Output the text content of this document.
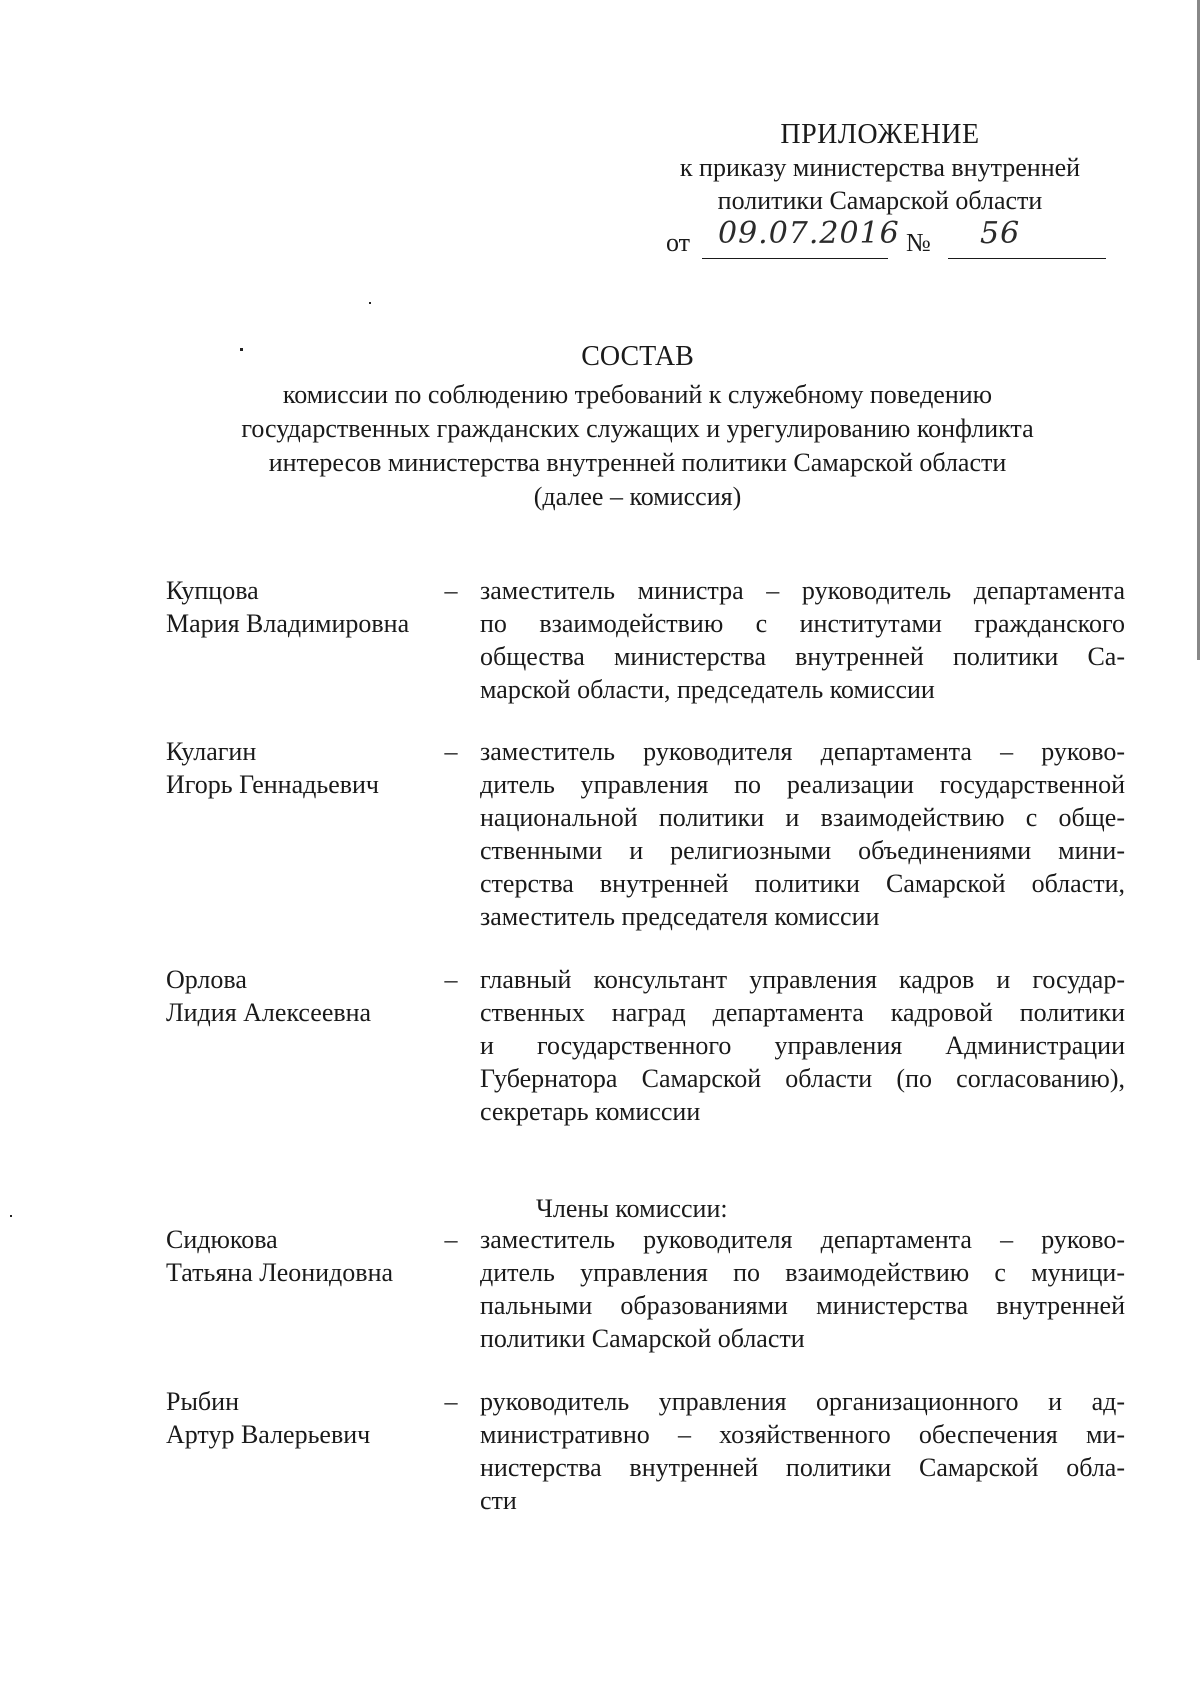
ПРИЛОЖЕНИЕ
к приказу министерства внутренней
политики Самарской области
от 09.07.2016 № 56
СОСТАВ
комиссии по соблюдению требований к служебному поведению
государственных гражданских служащих и урегулированию конфликта
интересов министерства внутренней политики Самарской области
(далее – комиссия)
Купцова
Мария Владимировна
– заместитель министра – руководитель департамента
по взаимодействию с институтами гражданского
общества министерства внутренней политики Са-
марской области, председатель комиссии
Кулагин
Игорь Геннадьевич
– заместитель руководителя департамента – руково-
дитель управления по реализации государственной
национальной политики и взаимодействию с обще-
ственными и религиозными объединениями мини-
стерства внутренней политики Самарской области,
заместитель председателя комиссии
Орлова
Лидия Алексеевна
– главный консультант управления кадров и государ-
ственных наград департамента кадровой политики
и государственного управления Администрации
Губернатора Самарской области (по согласованию),
секретарь комиссии
Члены комиссии:
Сидюкова
Татьяна Леонидовна
– заместитель руководителя департамента – руково-
дитель управления по взаимодействию с муници-
пальными образованиями министерства внутренней
политики Самарской области
Рыбин
Артур Валерьевич
– руководитель управления организационного и ад-
министративно – хозяйственного обеспечения ми-
нистерства внутренней политики Самарской обла-
сти
